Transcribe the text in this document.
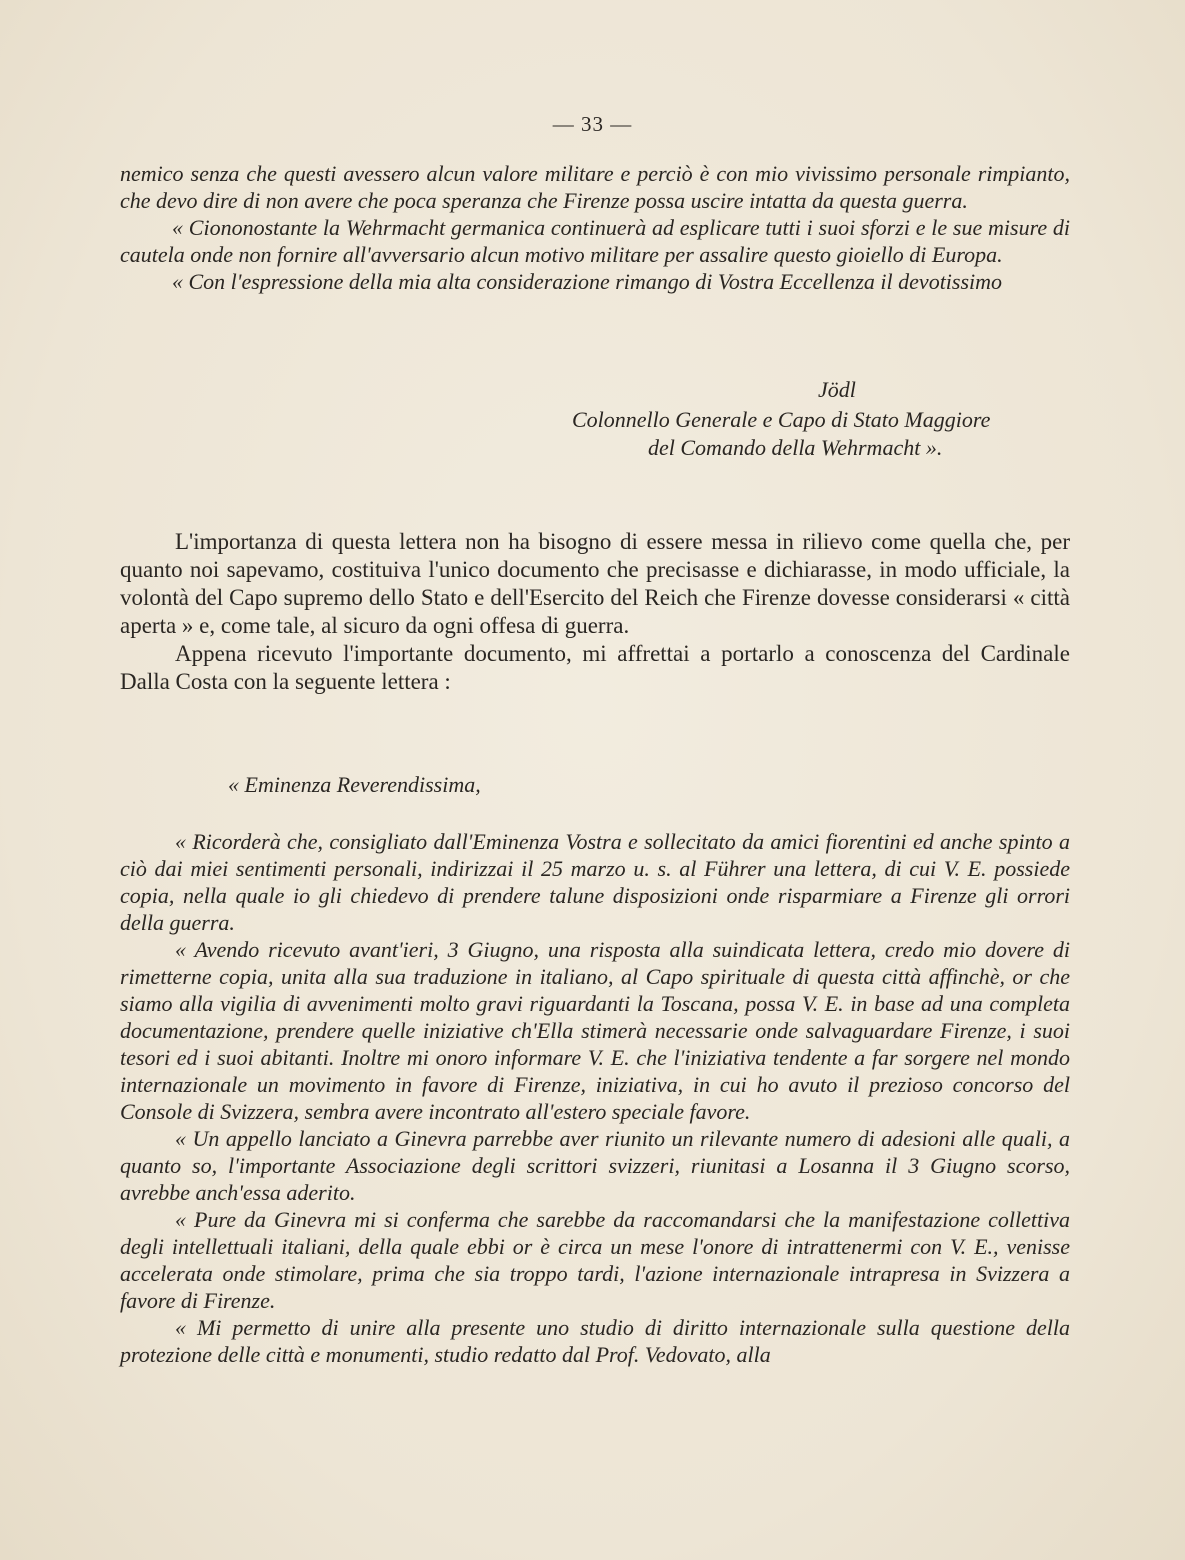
— 33 —

nemico senza che questi avessero alcun valore militare e perciò è con mio vivissimo personale rimpianto, che devo dire di non avere che poca speranza che Firenze possa uscire intatta da questa guerra.

« Ciononostante la Wehrmacht germanica continuerà ad esplicare tutti i suoi sforzi e le sue misure di cautela onde non fornire all'avversario alcun motivo militare per assalire questo gioiello di Europa.

« Con l'espressione della mia alta considerazione rimango di Vostra Eccellenza il devotissimo

Jödl
Colonnello Generale e Capo di Stato Maggiore
del Comando della Wehrmacht ».

L'importanza di questa lettera non ha bisogno di essere messa in rilievo come quella che, per quanto noi sapevamo, costituiva l'unico documento che precisasse e dichiarasse, in modo ufficiale, la volontà del Capo supremo dello Stato e dell'Esercito del Reich che Firenze dovesse considerarsi « città aperta » e, come tale, al sicuro da ogni offesa di guerra.

Appena ricevuto l'importante documento, mi affrettai a portarlo a conoscenza del Cardinale Dalla Costa con la seguente lettera :

« Eminenza Reverendissima,

« Ricorderà che, consigliato dall'Eminenza Vostra e sollecitato da amici fiorentini ed anche spinto a ciò dai miei sentimenti personali, indirizzai il 25 marzo u. s. al Führer una lettera, di cui V. E. possiede copia, nella quale io gli chiedevo di prendere talune disposizioni onde risparmiare a Firenze gli orrori della guerra.

« Avendo ricevuto avant'ieri, 3 Giugno, una risposta alla suindicata lettera, credo mio dovere di rimetterne copia, unita alla sua traduzione in italiano, al Capo spirituale di questa città affinchè, or che siamo alla vigilia di avvenimenti molto gravi riguardanti la Toscana, possa V. E. in base ad una completa documentazione, prendere quelle iniziative ch'Ella stimerà necessarie onde salvaguardare Firenze, i suoi tesori ed i suoi abitanti. Inoltre mi onoro informare V. E. che l'iniziativa tendente a far sorgere nel mondo internazionale un movimento in favore di Firenze, iniziativa, in cui ho avuto il prezioso concorso del Console di Svizzera, sembra avere incontrato all'estero speciale favore.

« Un appello lanciato a Ginevra parrebbe aver riunito un rilevante numero di adesioni alle quali, a quanto so, l'importante Associazione degli scrittori svizzeri, riunitasi a Losanna il 3 Giugno scorso, avrebbe anch'essa aderito.

« Pure da Ginevra mi si conferma che sarebbe da raccomandarsi che la manifestazione collettiva degli intellettuali italiani, della quale ebbi or è circa un mese l'onore di intrattenermi con V. E., venisse accelerata onde stimolare, prima che sia troppo tardi, l'azione internazionale intrapresa in Svizzera a favore di Firenze.

« Mi permetto di unire alla presente uno studio di diritto internazionale sulla questione della protezione delle città e monumenti, studio redatto dal Prof. Vedovato, alla
